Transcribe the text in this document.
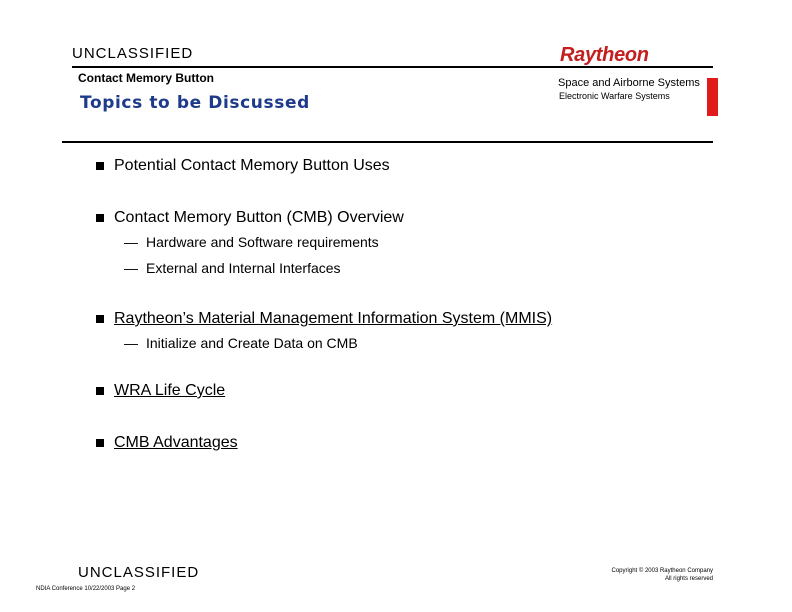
UNCLASSIFIED
Contact Memory Button
Topics to be Discussed
Raytheon
Space and Airborne Systems
Electronic Warfare Systems
Potential Contact Memory Button Uses
Contact Memory Button (CMB) Overview
— Hardware and Software requirements
— External and Internal Interfaces
Raytheon’s Material Management Information System (MMIS)
— Initialize and Create Data on CMB
WRA Life Cycle
CMB Advantages
UNCLASSIFIED
NDIA Conference 10/22/2003 Page 2
Copyright © 2003 Raytheon Company
All rights reserved
